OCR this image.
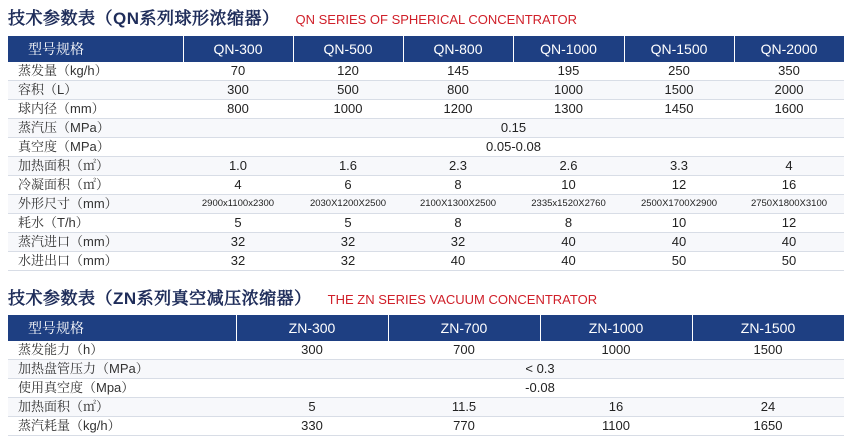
技术参数表（QN系列球形浓缩器） QN SERIES OF SPHERICAL CONCENTRATOR
型号规格	QN-300	QN-500	QN-800	QN-1000	QN-1500	QN-2000
蒸发量（kg/h）	70	120	145	195	250	350
容积（L）	300	500	800	1000	1500	2000
球内径（mm）	800	1000	1200	1300	1450	1600
蒸汽压（MPa）	0.15					
真空度（MPa）	0.05-0.08					
加热面积（㎡）	1.0	1.6	2.3	2.6	3.3	4
冷凝面积（㎡）	4	6	8	10	12	16
外形尺寸（mm）	2900x1100x2300	2030X1200X2500	2100X1300X2500	2335x1520X2760	2500X1700X2900	2750X1800X3100
耗水（T/h）	5	5	8	8	10	12
蒸汽进口（mm）	32	32	32	40	40	40
水进出口（mm）	32	32	40	40	50	50
技术参数表（ZN系列真空减压浓缩器） THE ZN SERIES VACUUM CONCENTRATOR
型号规格	ZN-300	ZN-700	ZN-1000	ZN-1500
蒸发能力（h）	300	700	1000	1500
加热盘管压力（MPa）	< 0.3			
使用真空度（Mpa）	-0.08			
加热面积（㎡）	5	11.5	16	24
蒸汽耗量（kg/h）	330	770	1100	1650
